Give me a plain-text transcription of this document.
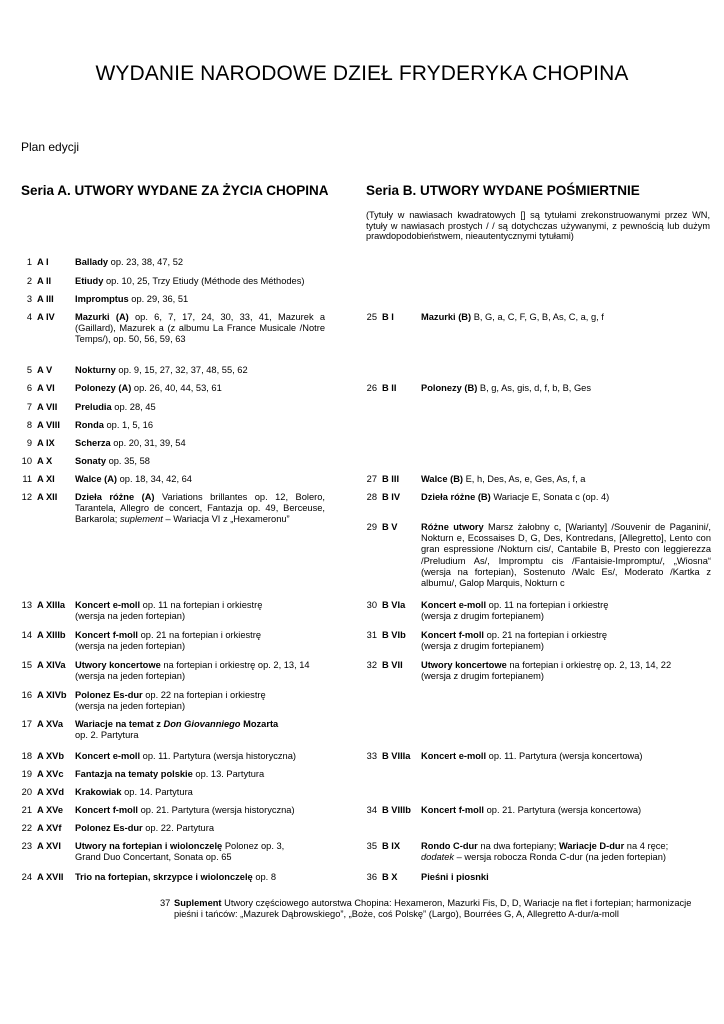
WYDANIE NARODOWE DZIEŁ FRYDERYKA CHOPINA
Plan edycji
Seria A. UTWORY WYDANE ZA ŻYCIA CHOPINA	Seria B. UTWORY WYDANE POŚMIERTNIE
(Tytuły w nawiasach kwadratowych [] są tytułami zrekonstruowanymi przez WN, tytuły w nawiasach prostych / / są dotychczas używanymi, z pewnością lub dużym prawdopodobieństwem, nieautentycznymi tytułami)
1 A I	Ballady op. 23, 38, 47, 52
2 A II	Etiudy op. 10, 25, Trzy Etiudy (Méthode des Méthodes)
3 A III Impromptus op. 29, 36, 51
4 A IV Mazurki (A) op. 6, 7, 17, 24, 30, 33, 41, Mazurek a (Gaillard), Mazurek a (z albumu La France Musicale /Notre Temps/), op. 50, 56, 59, 63
5 A V Nokturny op. 9, 15, 27, 32, 37, 48, 55, 62
6 A VI Polonezy (A) op. 26, 40, 44, 53, 61
7 A VII Preludia op. 28, 45
8 A VIII Ronda op. 1, 5, 16
9 A IX Scherza op. 20, 31, 39, 54
10 A X Sonaty op. 35, 58
11 A XI Walce (A) op. 18, 34, 42, 64
12 A XII Dzieła różne (A) Variations brillantes op. 12, Bolero, Tarantela, Allegro de concert, Fantazja op. 49, Berceuse, Barkarola; suplement – Wariacja VI z „Hexameronu”
13 A XIIIa Koncert e-moll op. 11 na fortepian i orkiestrę
(wersja na jeden fortepian)
14 A XIIIb Koncert f-moll op. 21 na fortepian i orkiestrę
(wersja na jeden fortepian)
15 A XIVa Utwory koncertowe na fortepian i orkiestrę op. 2, 13, 14
(wersja na jeden fortepian)
16 A XIVb Polonez Es-dur op. 22 na fortepian i orkiestrę
(wersja na jeden fortepian)
17 A XVa Wariacje na temat z Don Giovanniego Mozarta
op. 2. Partytura
18 A XVb Koncert e-moll op. 11. Partytura (wersja historyczna)
19 A XVc Fantazja na tematy polskie op. 13. Partytura
20 A XVd Krakowiak op. 14. Partytura
21 A XVe Koncert f-moll op. 21. Partytura (wersja historyczna)
22 A XVf Polonez Es-dur op. 22. Partytura
23 A XVI Utwory na fortepian i wiolonczelę Polonez op. 3,
Grand Duo Concertant, Sonata op. 65
24 A XVII Trio na fortepian, skrzypce i wiolonczelę op. 8
25 B I	Mazurki (B) B, G, a, C, F, G, B, As, C, a, g, f
26 B II	Polonezy (B) B, g, As, gis, d, f, b, B, Ges
27 B III Walce (B) E, h, Des, As, e, Ges, As, f, a
28 B IV Dzieła różne (B) Wariacje E, Sonata c (op. 4)
29 B V	Różne utwory Marsz żałobny c, [Warianty] /Souvenir de Paganini/, Nokturn e, Ecossaises D, G, Des, Kontredans, [Allegretto], Lento con gran espressione /Nokturn cis/, Cantabile B, Presto con leggierezza /Preludium As/, Impromptu cis /Fantaisie-Impromptu/, „Wiosna“ (wersja na fortepian), Sostenuto /Walc Es/, Moderato /Kartka z albumu/, Galop Marquis, Nokturn c
30 B VIa Koncert e-moll op. 11 na fortepian i orkiestrę
(wersja z drugim fortepianem)
31 B VIb Koncert f-moll op. 21 na fortepian i orkiestrę
(wersja z drugim fortepianem)
32 B VII Utwory koncertowe na fortepian i orkiestrę op. 2, 13, 14, 22
(wersja z drugim fortepianem)
33 B VIIIa Koncert e-moll op. 11. Partytura (wersja koncertowa)
34 B VIIIb Koncert f-moll op. 21. Partytura (wersja koncertowa)
35 B IX Rondo C-dur na dwa fortepiany; Wariacje D-dur na 4 ręce;
dodatek – wersja robocza Ronda C-dur (na jeden fortepian)
36 B X	Pieśni i piosnki
37 Suplement Utwory częściowego autorstwa Chopina: Hexameron, Mazurki Fis, D, D, Wariacje na flet i fortepian; harmonizacje pieśni i tańców: „Mazurek Dąbrowskiego”, „Boże, coś Polskę” (Largo), Bourrées G, A, Allegretto A-dur/a-moll
